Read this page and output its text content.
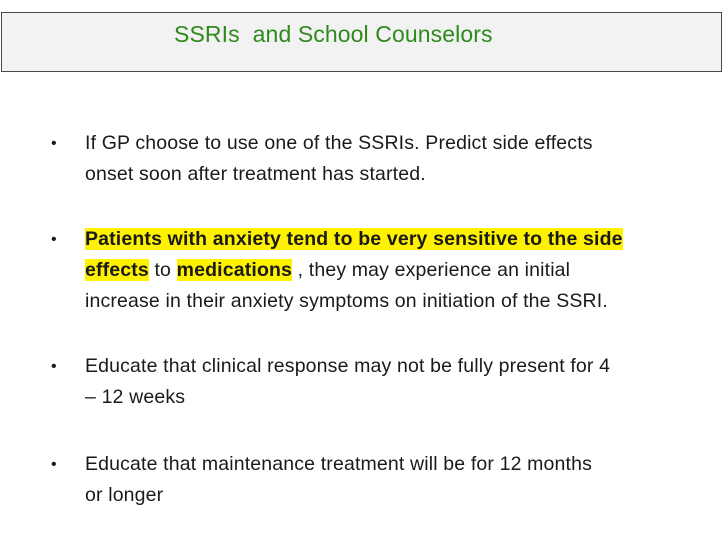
SSRIs  and School Counselors
• If GP choose to use one of the SSRIs. Predict side effects
onset soon after treatment has started.
• Patients with anxiety tend to be very sensitive to the side
effects to medications , they may experience an initial
increase in their anxiety symptoms on initiation of the SSRI.
• Educate that clinical response may not be fully present for 4
– 12 weeks
• Educate that maintenance treatment will be for 12 months
or longer
